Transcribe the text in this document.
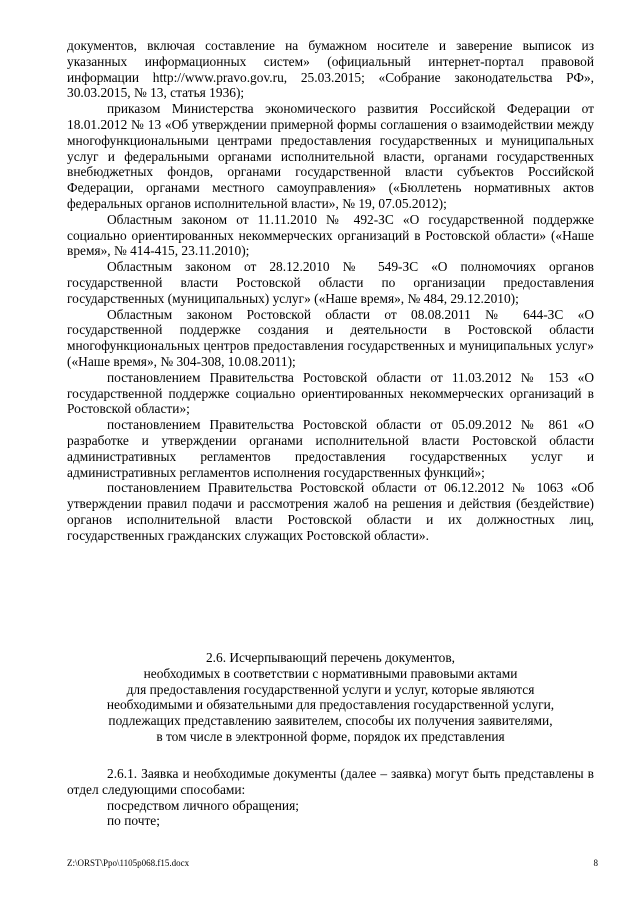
документов, включая составление на бумажном носителе и заверение выписок из указанных информационных систем» (официальный интернет-портал правовой информации http://www.pravo.gov.ru, 25.03.2015; «Собрание законодательства РФ», 30.03.2015, № 13, статья 1936);

приказом Министерства экономического развития Российской Федерации от 18.01.2012 № 13 «Об утверждении примерной формы соглашения о взаимодействии между многофункциональными центрами предоставления государственных и муниципальных услуг и федеральными органами исполнительной власти, органами государственных внебюджетных фондов, органами государственной власти субъектов Российской Федерации, органами местного самоуправления» («Бюллетень нормативных актов федеральных органов исполнительной власти», № 19, 07.05.2012);

Областным законом от 11.11.2010 № 492-ЗС «О государственной поддержке социально ориентированных некоммерческих организаций в Ростовской области» («Наше время», № 414-415, 23.11.2010);

Областным законом от 28.12.2010 № 549-ЗС «О полномочиях органов государственной власти Ростовской области по организации предоставления государственных (муниципальных) услуг» («Наше время», № 484, 29.12.2010);

Областным законом Ростовской области от 08.08.2011 № 644-ЗС «О государственной поддержке создания и деятельности в Ростовской области многофункциональных центров предоставления государственных и муниципальных услуг» («Наше время», № 304-308, 10.08.2011);

постановлением Правительства Ростовской области от 11.03.2012 № 153 «О государственной поддержке социально ориентированных некоммерческих организаций в Ростовской области»;

постановлением Правительства Ростовской области от 05.09.2012 № 861 «О разработке и утверждении органами исполнительной власти Ростовской области административных регламентов предоставления государственных услуг и административных регламентов исполнения государственных функций»;

постановлением Правительства Ростовской области от 06.12.2012 № 1063 «Об утверждении правил подачи и рассмотрения жалоб на решения и действия (бездействие) органов исполнительной власти Ростовской области и их должностных лиц, государственных гражданских служащих Ростовской области».

2.6. Исчерпывающий перечень документов,
необходимых в соответствии с нормативными правовыми актами
для предоставления государственной услуги и услуг, которые являются
необходимыми и обязательными для предоставления государственной услуги,
подлежащих представлению заявителем, способы их получения заявителями,
в том числе в электронной форме, порядок их представления

2.6.1. Заявка и необходимые документы (далее – заявка) могут быть представлены в отдел следующими способами:

посредством личного обращения;

по почте;

Z:\ORST\Ppo\1105p068.f15.docx	8
